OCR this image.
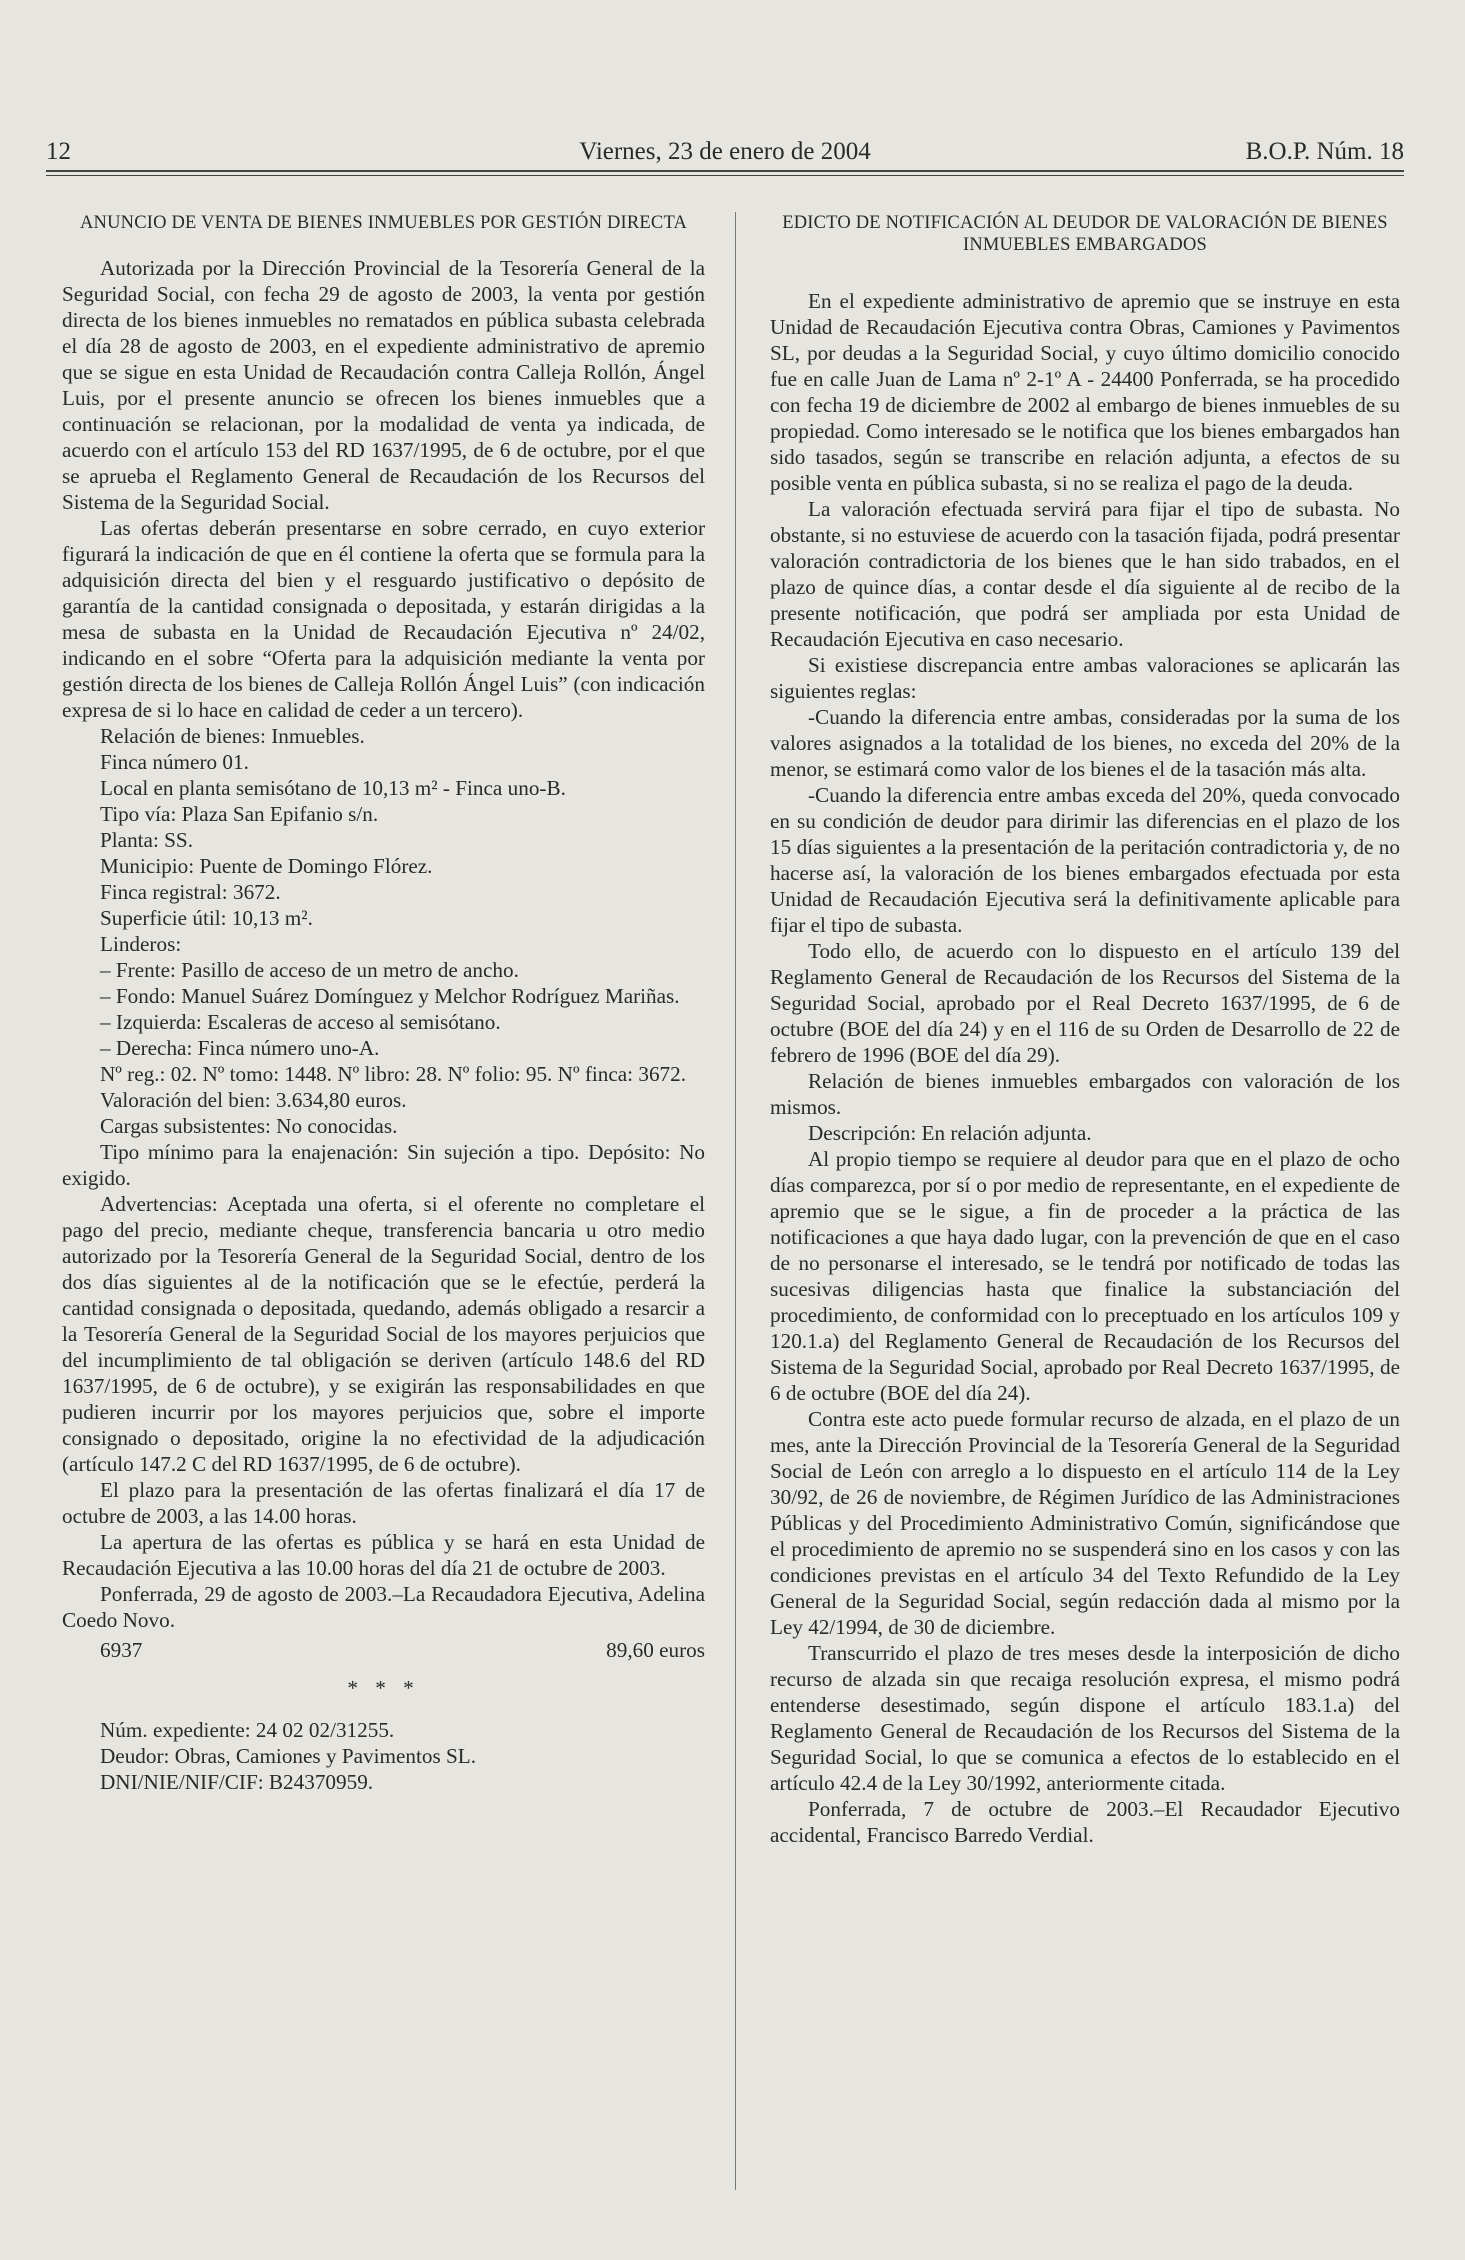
12	Viernes, 23 de enero de 2004	B.O.P. Núm. 18
ANUNCIO DE VENTA DE BIENES INMUEBLES POR GESTIÓN DIRECTA

Autorizada por la Dirección Provincial de la Tesorería General de la Seguridad Social, con fecha 29 de agosto de 2003, la venta por gestión directa de los bienes inmuebles no rematados en pública subasta celebrada el día 28 de agosto de 2003, en el expediente administrativo de apremio que se sigue en esta Unidad de Recaudación contra Calleja Rollón, Ángel Luis, por el presente anuncio se ofrecen los bienes inmuebles que a continuación se relacionan, por la modalidad de venta ya indicada, de acuerdo con el artículo 153 del RD 1637/1995, de 6 de octubre, por el que se aprueba el Reglamento General de Recaudación de los Recursos del Sistema de la Seguridad Social.

Las ofertas deberán presentarse en sobre cerrado, en cuyo exterior figurará la indicación de que en él contiene la oferta que se formula para la adquisición directa del bien y el resguardo justificativo o depósito de garantía de la cantidad consignada o depositada, y estarán dirigidas a la mesa de subasta en la Unidad de Recaudación Ejecutiva nº 24/02, indicando en el sobre “Oferta para la adquisición mediante la venta por gestión directa de los bienes de Calleja Rollón Ángel Luis” (con indicación expresa de si lo hace en calidad de ceder a un tercero).

Relación de bienes: Inmuebles.

Finca número 01.

Local en planta semisótano de 10,13 m² - Finca uno-B.

Tipo vía: Plaza San Epifanio s/n.

Planta: SS.

Municipio: Puente de Domingo Flórez.

Finca registral: 3672.

Superficie útil: 10,13 m².

Linderos:

– Frente: Pasillo de acceso de un metro de ancho.

– Fondo: Manuel Suárez Domínguez y Melchor Rodríguez Mariñas.

– Izquierda: Escaleras de acceso al semisótano.

– Derecha: Finca número uno-A.

Nº reg.: 02. Nº tomo: 1448. Nº libro: 28. Nº folio: 95. Nº finca: 3672.

Valoración del bien: 3.634,80 euros.

Cargas subsistentes: No conocidas.

Tipo mínimo para la enajenación: Sin sujeción a tipo. Depósito: No exigido.

Advertencias: Aceptada una oferta, si el oferente no completare el pago del precio, mediante cheque, transferencia bancaria u otro medio autorizado por la Tesorería General de la Seguridad Social, dentro de los dos días siguientes al de la notificación que se le efectúe, perderá la cantidad consignada o depositada, quedando, además obligado a resarcir a la Tesorería General de la Seguridad Social de los mayores perjuicios que del incumplimiento de tal obligación se deriven (artículo 148.6 del RD 1637/1995, de 6 de octubre), y se exigirán las responsabilidades en que pudieren incurrir por los mayores perjuicios que, sobre el importe consignado o depositado, origine la no efectividad de la adjudicación (artículo 147.2 C del RD 1637/1995, de 6 de octubre).

El plazo para la presentación de las ofertas finalizará el día 17 de octubre de 2003, a las 14.00 horas.

La apertura de las ofertas es pública y se hará en esta Unidad de Recaudación Ejecutiva a las 10.00 horas del día 21 de octubre de 2003.

Ponferrada, 29 de agosto de 2003.–La Recaudadora Ejecutiva, Adelina Coedo Novo.

6937	89,60 euros
* * *

Núm. expediente: 24 02 02/31255.

Deudor: Obras, Camiones y Pavimentos SL.

DNI/NIE/NIF/CIF: B24370959.

EDICTO DE NOTIFICACIÓN AL DEUDOR DE VALORACIÓN DE BIENES INMUEBLES EMBARGADOS

En el expediente administrativo de apremio que se instruye en esta Unidad de Recaudación Ejecutiva contra Obras, Camiones y Pavimentos SL, por deudas a la Seguridad Social, y cuyo último domicilio conocido fue en calle Juan de Lama nº 2-1º A - 24400 Ponferrada, se ha procedido con fecha 19 de diciembre de 2002 al embargo de bienes inmuebles de su propiedad. Como interesado se le notifica que los bienes embargados han sido tasados, según se transcribe en relación adjunta, a efectos de su posible venta en pública subasta, si no se realiza el pago de la deuda.

La valoración efectuada servirá para fijar el tipo de subasta. No obstante, si no estuviese de acuerdo con la tasación fijada, podrá presentar valoración contradictoria de los bienes que le han sido trabados, en el plazo de quince días, a contar desde el día siguiente al de recibo de la presente notificación, que podrá ser ampliada por esta Unidad de Recaudación Ejecutiva en caso necesario.

Si existiese discrepancia entre ambas valoraciones se aplicarán las siguientes reglas:

-Cuando la diferencia entre ambas, consideradas por la suma de los valores asignados a la totalidad de los bienes, no exceda del 20% de la menor, se estimará como valor de los bienes el de la tasación más alta.

-Cuando la diferencia entre ambas exceda del 20%, queda convocado en su condición de deudor para dirimir las diferencias en el plazo de los 15 días siguientes a la presentación de la peritación contradictoria y, de no hacerse así, la valoración de los bienes embargados efectuada por esta Unidad de Recaudación Ejecutiva será la definitivamente aplicable para fijar el tipo de subasta.

Todo ello, de acuerdo con lo dispuesto en el artículo 139 del Reglamento General de Recaudación de los Recursos del Sistema de la Seguridad Social, aprobado por el Real Decreto 1637/1995, de 6 de octubre (BOE del día 24) y en el 116 de su Orden de Desarrollo de 22 de febrero de 1996 (BOE del día 29).

Relación de bienes inmuebles embargados con valoración de los mismos.

Descripción: En relación adjunta.

Al propio tiempo se requiere al deudor para que en el plazo de ocho días comparezca, por sí o por medio de representante, en el expediente de apremio que se le sigue, a fin de proceder a la práctica de las notificaciones a que haya dado lugar, con la prevención de que en el caso de no personarse el interesado, se le tendrá por notificado de todas las sucesivas diligencias hasta que finalice la substanciación del procedimiento, de conformidad con lo preceptuado en los artículos 109 y 120.1.a) del Reglamento General de Recaudación de los Recursos del Sistema de la Seguridad Social, aprobado por Real Decreto 1637/1995, de 6 de octubre (BOE del día 24).

Contra este acto puede formular recurso de alzada, en el plazo de un mes, ante la Dirección Provincial de la Tesorería General de la Seguridad Social de León con arreglo a lo dispuesto en el artículo 114 de la Ley 30/92, de 26 de noviembre, de Régimen Jurídico de las Administraciones Públicas y del Procedimiento Administrativo Común, significándose que el procedimiento de apremio no se suspenderá sino en los casos y con las condiciones previstas en el artículo 34 del Texto Refundido de la Ley General de la Seguridad Social, según redacción dada al mismo por la Ley 42/1994, de 30 de diciembre.

Transcurrido el plazo de tres meses desde la interposición de dicho recurso de alzada sin que recaiga resolución expresa, el mismo podrá entenderse desestimado, según dispone el artículo 183.1.a) del Reglamento General de Recaudación de los Recursos del Sistema de la Seguridad Social, lo que se comunica a efectos de lo establecido en el artículo 42.4 de la Ley 30/1992, anteriormente citada.

Ponferrada, 7 de octubre de 2003.–El Recaudador Ejecutivo accidental, Francisco Barredo Verdial.
